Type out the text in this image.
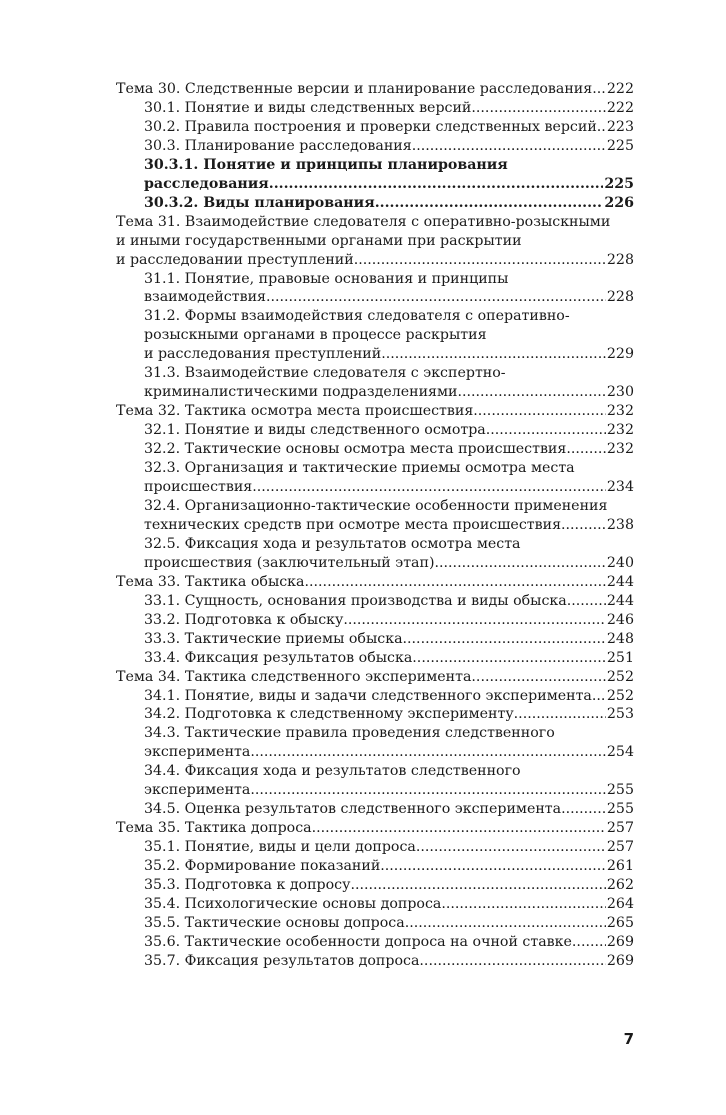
Тема 30. Следственные версии и планирование расследования ..... 222
30.1. Понятие и виды следственных версий .....	222
30.2. Правила построения и проверки следственных версий ..... 223
30.3. Планирование расследования .....	225
30.3.1. Понятие и принципы планирования
расследования. .....	225
30.3.2. Виды планирования .....	226
Тема 31. Взаимодействие следователя с оперативно-розыскными
и иными государственными органами при раскрытии
и расследовании преступлений .....	228
31.1. Понятие, правовые основания и принципы
взаимодействия .....	228
31.2. Формы взаимодействия следователя с оперативно-
розыскными органами в процессе раскрытия
и расследования преступлений .....	229
31.3. Взаимодействие следователя с экспертно-
криминалистическими подразделениями .....	230
Тема 32. Тактика осмотра места происшествия .....	232
32.1. Понятие и виды следственного осмотра .....	232
32.2. Тактические основы осмотра места происшествия .....	232
32.3. Организация и тактические приемы осмотра места
происшествия .....	234
32.4. Организационно-тактические особенности применения
технических средств при осмотре места происшествия .....	238
32.5. Фиксация хода и результатов осмотра места
происшествия (заключительный этап) .....	240
Тема 33. Тактика обыска .....	244
33.1. Сущность, основания производства и виды обыска .....	244
33.2. Подготовка к обыску .....	246
33.3. Тактические приемы обыска .....	248
33.4. Фиксация результатов обыска .....	251
Тема 34. Тактика следственного эксперимента .....	252
34.1. Понятие, виды и задачи следственного эксперимента ..... 252
34.2. Подготовка к следственному эксперименту .....	253
34.3. Тактические правила проведения следственного
эксперимента .....	254
34.4. Фиксация хода и результатов следственного
эксперимента .....	255
34.5. Оценка результатов следственного эксперимента .....	255
Тема 35. Тактика допроса .....	257
35.1. Понятие, виды и цели допроса .....	257
35.2. Формирование показаний .....	261
35.3. Подготовка к допросу .....	262
35.4. Психологические основы допроса .....	264
35.5. Тактические основы допроса .....	265
35.6. Тактические особенности допроса на очной ставке ..... 269
35.7. Фиксация результатов допроса .....	269
7
